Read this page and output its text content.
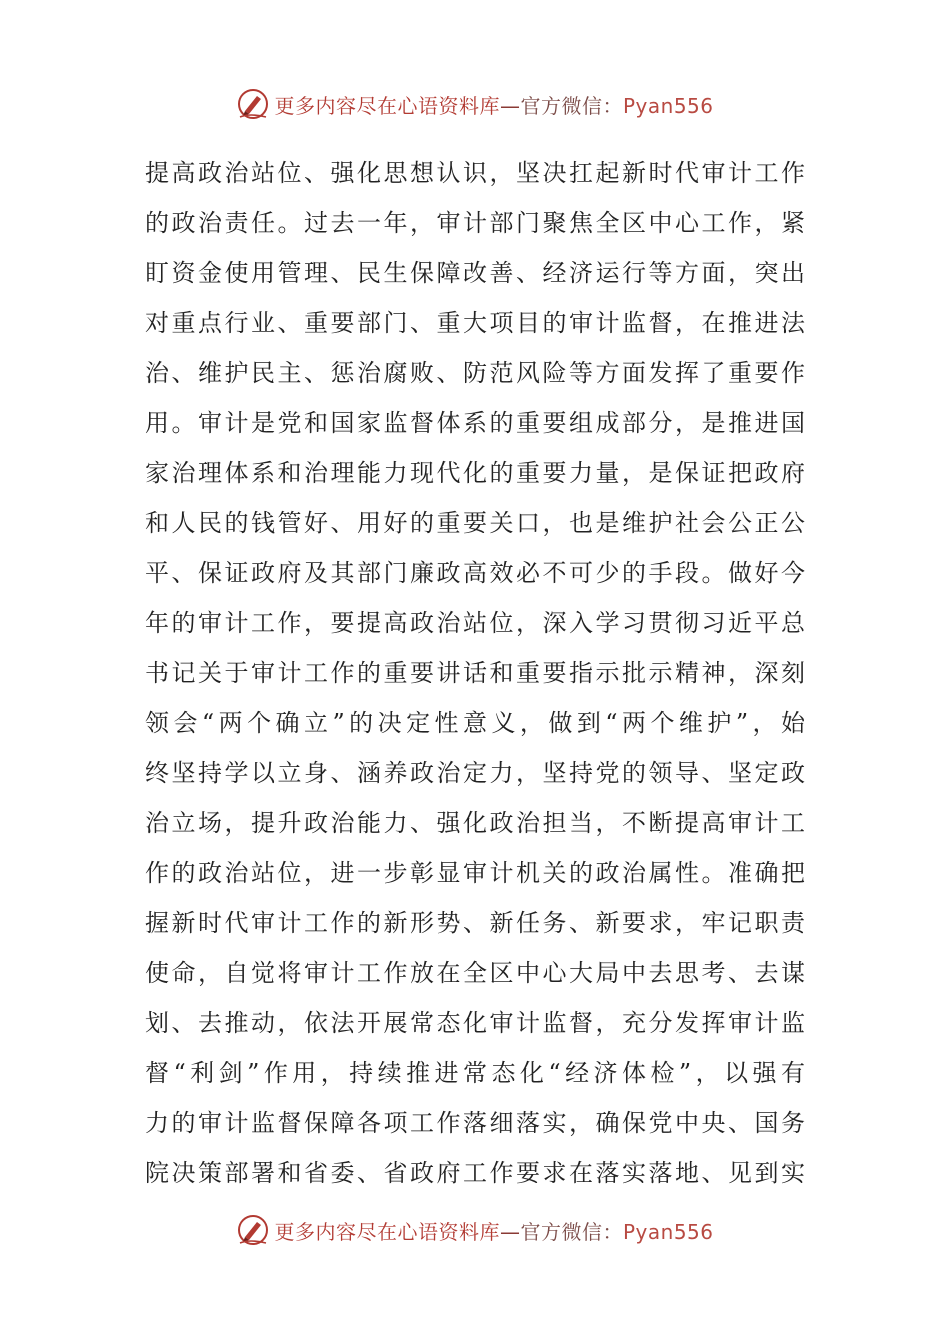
更多内容尽在心语资料库—官方微信：Pyan556
提高政治站位、强化思想认识，坚决扛起新时代审计工作
的政治责任。过去一年，审计部门聚焦全区中心工作，紧
盯资金使用管理、民生保障改善、经济运行等方面，突出
对重点行业、重要部门、重大项目的审计监督，在推进法
治、维护民主、惩治腐败、防范风险等方面发挥了重要作
用。审计是党和国家监督体系的重要组成部分，是推进国
家治理体系和治理能力现代化的重要力量，是保证把政府
和人民的钱管好、用好的重要关口，也是维护社会公正公
平、保证政府及其部门廉政高效必不可少的手段。做好今
年的审计工作，要提高政治站位，深入学习贯彻习近平总
书记关于审计工作的重要讲话和重要指示批示精神，深刻
领会“两个确立”的决定性意义，做到“两个维护”，始
终坚持学以立身、涵养政治定力，坚持党的领导、坚定政
治立场，提升政治能力、强化政治担当，不断提高审计工
作的政治站位，进一步彰显审计机关的政治属性。准确把
握新时代审计工作的新形势、新任务、新要求，牢记职责
使命，自觉将审计工作放在全区中心大局中去思考、去谋
划、去推动，依法开展常态化审计监督，充分发挥审计监
督“利剑”作用，持续推进常态化“经济体检”，以强有
力的审计监督保障各项工作落细落实，确保党中央、国务
院决策部署和省委、省政府工作要求在落实落地、见到实
更多内容尽在心语资料库—官方微信：Pyan556
